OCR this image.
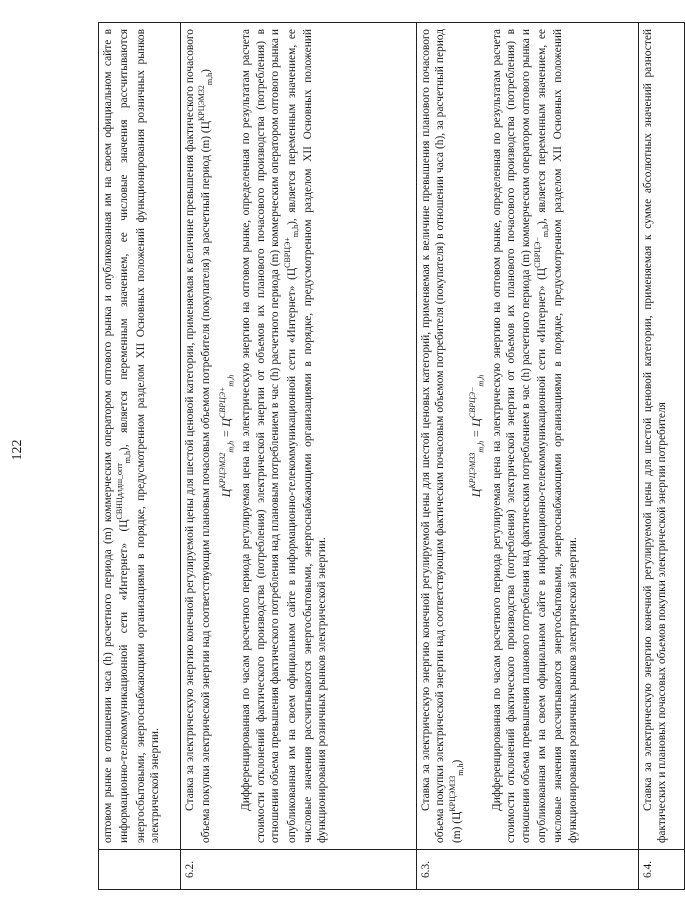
122

	оптовом рынке в отношении часа (h) расчетного периода (m) коммерческим оператором оптового рынка и опубликованная им на своем официальном сайте в информационно-телекоммуникационной сети «Интернет» $(Ц^{СВНЦдлдш\_опт}_{m,h})$, является переменным значением, ее числовые значения рассчитываются энергосбытовыми, энергоснабжающими организациями в порядке, предусмотренном разделом XII Основных положений функционирования розничных рынков электрической энергии.

6.2.	Ставка за электрическую энергию конечной регулируемой цены для шестой ценовой категории, применяемая к величине превышения фактического почасового объема покупки электрической энергии над соответствующим плановым почасовым объемом потребителя (покупателя) за расчетный период (m) $(Ц^{КРЦЭМ32}_{m,h})$

$Ц^{КРЦЭМ32}_{m,h} = Ц^{СВРЦЭ+}_{m,h}$ Дифференцированная по часам расчетного периода регулируемая цена на электрическую энергию на оптовом рынке, определенная по результатам расчета стоимости отклонений фактического производства (потребления) электрической энергии от объемов их планового почасового производства (потребления) в отношении объема превышения фактического потребления над плановым потреблением в час (h) расчетного периода (m) коммерческим оператором оптового рынка и опубликованная им на своем официальном сайте в информационно-телекоммуникационной сети «Интернет» $(Ц^{СВРЦЭ+}_{m,h})$, является переменным значением, ее числовые значения рассчитываются энергосбытовыми, энергоснабжающими организациями в порядке, предусмотренном разделом XII Основных положений функционирования розничных рынков электрической энергии.

6.3.	Ставка за электрическую энергию конечной регулируемой цены для шестой ценовых категорий, применяемая к величине превышения планового почасового объема покупки электрической энергии над соответствующим фактическим почасовым объемом потребителя (покупателя) в отношении часа (h), за расчетный период (m) $(Ц^{КРЦЭМ33}_{m,h})$

$Ц^{КРЦЭМ33}_{m,h} = Ц^{СВРЦЭ-}_{m,h}$ Дифференцированная по часам расчетного периода регулируемая цена на электрическую энергию на оптовом рынке, определенная по результатам расчета стоимости отклонений фактического производства (потребления) электрической энергии от объемов их планового почасового производства (потребления) в отношении объема превышения планового потребления над фактическим потреблением в час (h) расчетного периода (m) коммерческим оператором оптового рынка и опубликованная им на своем официальном сайте в информационно-телекоммуникационной сети «Интернет» $(Ц^{СВРЦЭ-}_{m,h})$, является переменным значением, ее числовые значения рассчитываются энергосбытовыми, энергоснабжающими организациями в порядке, предусмотренном разделом XII Основных положений функционирования розничных рынков электрической энергии.

6.4.	Ставка за электрическую энергию конечной регулируемой цены для шестой ценовой категории, применяемая к сумме абсолютных значений разностей фактических и плановых почасовых объемов покупки электрической энергии потребителя
